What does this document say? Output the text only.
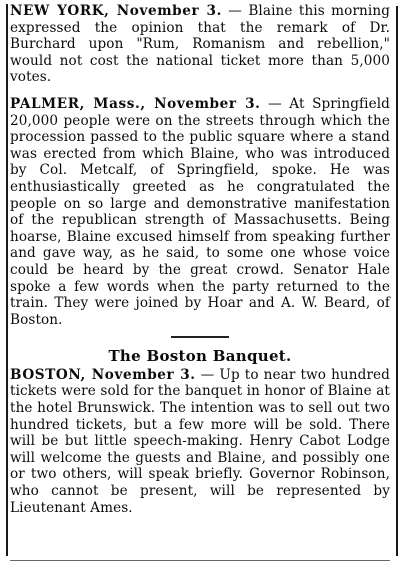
NEW YORK, November 3. — Blaine this morning expressed the opinion that the remark of Dr. Burchard upon "Rum, Romanism and rebellion," would not cost the national ticket more than 5,000 votes.

PALMER, Mass., November 3. — At Springfield 20,000 people were on the streets through which the procession passed to the public square where a stand was erected from which Blaine, who was introduced by Col. Metcalf, of Springfield, spoke. He was enthusiastically greeted as he congratulated the people on so large and demonstrative manifestation of the republican strength of Massachusetts. Being hoarse, Blaine excused himself from speaking further and gave way, as he said, to some one whose voice could be heard by the great crowd. Senator Hale spoke a few words when the party returned to the train. They were joined by Hoar and A. W. Beard, of Boston.

The Boston Banquet.

BOSTON, November 3. — Up to near two hundred tickets were sold for the banquet in honor of Blaine at the hotel Brunswick. The intention was to sell out two hundred tickets, but a few more will be sold. There will be but little speech-making. Henry Cabot Lodge will welcome the guests and Blaine, and possibly one or two others, will speak briefly. Governor Robinson, who cannot be present, will be represented by Lieutenant Ames.
